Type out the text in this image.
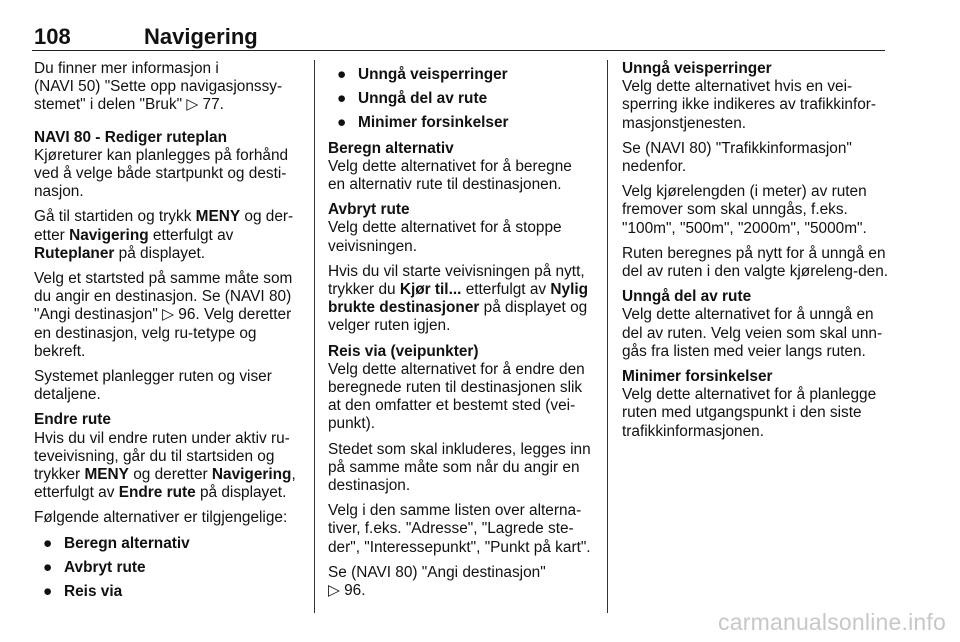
108	Navigering

Du finner mer informasjon i
(NAVI 50) "Sette opp navigasjonssy-stemet" i delen "Bruk" ▷ 77.

NAVI 80 - Rediger ruteplan
Kjøreturer kan planlegges på forhånd ved å velge både startpunkt og desti-nasjon.

Gå til startiden og trykk MENY og der-etter Navigering etterfulgt av Ruteplaner på displayet.

Velg et startsted på samme måte som du angir en destinasjon. Se (NAVI 80) "Angi destinasjon" ▷ 96. Velg deretter en destinasjon, velg ru-tetype og bekreft.

Systemet planlegger ruten og viser detaljene.

Endre rute
Hvis du vil endre ruten under aktiv ru-teveivisning, går du til startsiden og trykker MENY og deretter Navigering, etterfulgt av Endre rute på displayet.

Følgende alternativer er tilgjengelige:

● Beregn alternativ
● Avbryt rute
● Reis via
● Unngå veisperringer
● Unngå del av rute
● Minimer forsinkelser
Beregn alternativ
Velg dette alternativet for å beregne en alternativ rute til destinasjonen.
Avbryt rute
Velg dette alternativet for å stoppe veivisningen.

Hvis du vil starte veivisningen på nytt, trykker du Kjør til... etterfulgt av Nylig brukte destinasjoner på displayet og velger ruten igjen.

Reis via (veipunkter)
Velg dette alternativet for å endre den beregnede ruten til destinasjonen slik at den omfatter et bestemt sted (vei-punkt).

Stedet som skal inkluderes, legges inn på samme måte som når du angir en destinasjon.

Velg i den samme listen over alterna-tiver, f.eks. "Adresse", "Lagrede ste-der", "Interessepunkt", "Punkt på kart".

Se (NAVI 80) "Angi destinasjon"
▷ 96.

Unngå veisperringer
Velg dette alternativet hvis en vei-sperring ikke indikeres av trafikkinfor-masjonstjenesten.

Se (NAVI 80) "Trafikkinformasjon" nedenfor.

Velg kjørelengden (i meter) av ruten fremover som skal unngås, f.eks. "100m", "500m", "2000m", "5000m".

Ruten beregnes på nytt for å unngå en del av ruten i den valgte kjøreleng-den.

Unngå del av rute
Velg dette alternativet for å unngå en del av ruten. Velg veien som skal unn-gås fra listen med veier langs ruten.
Minimer forsinkelser
Velg dette alternativet for å planlegge ruten med utgangspunkt i den siste trafikkinformasjonen.
carmanualsonline.info
